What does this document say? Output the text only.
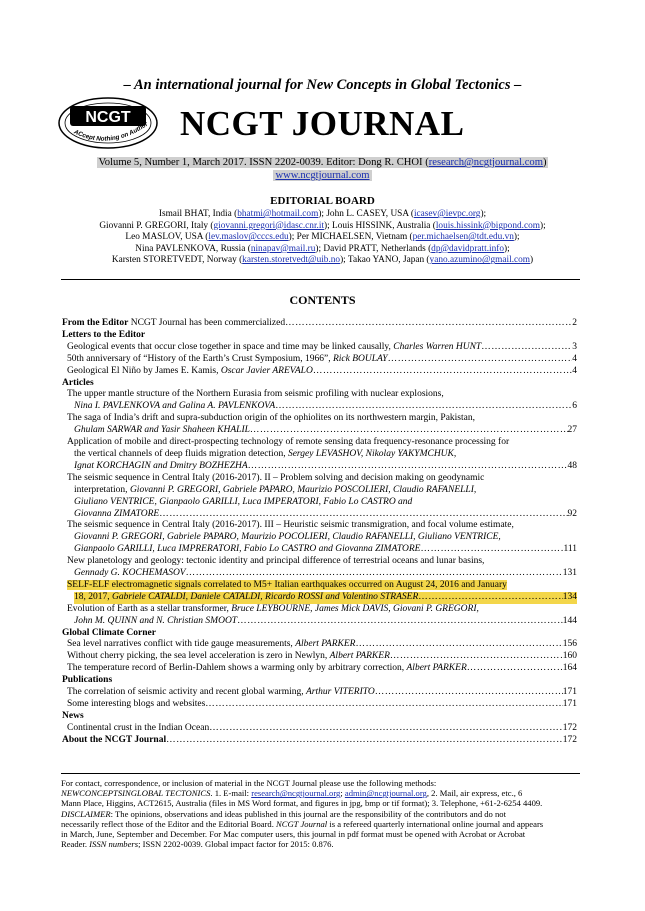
– An international journal for New Concepts in Global Tectonics –
NCGT
ACcept Nothing on Author NCGT JOURNAL
Volume 5, Number 1, March 2017. ISSN 2202-0039. Editor: Dong R. CHOI (research@ncgtjournal.com)
www.ncgtjournal.com
EDITORIAL BOARD
Ismail BHAT, India (bhatmi@hotmail.com); John L. CASEY, USA (icasev@ievpc.org);
Giovanni P. GREGORI, Italy (giovanni.gregori@idasc.cnr.it); Louis HISSINK, Australia (louis.hissink@bigpond.com);
Leo MASLOV, USA (lev.maslov@cccs.edu); Per MICHAELSEN, Vietnam (per.michaelsen@tdt.edu.vn);
Nina PAVLENKOVA, Russia (ninapav@mail.ru); David PRATT, Netherlands (dp@davidpratt.info);
Karsten STORETVEDT, Norway (karsten.storetvedt@uib.no); Takao YANO, Japan (yano.azumino@gmail.com)
CONTENTS
From the Editor NCGT Journal has been commercialized ……………………………………………………………………………………………………………………………………………………………………………	2
Letters to the Editor
Geological events that occur close together in space and time may be linked causally, Charles Warren HUNT ……………………………………………………………………………………………………………………………………………………………………………	3
50th anniversary of “History of the Earth’s Crust Symposium, 1966”, Rick BOULAY ……………………………………………………………………………………………………………………………………………………………………………	4
Geological El Niño by James E. Kamis, Oscar Javier AREVALO ……………………………………………………………………………………………………………………………………………………………………………	4
Articles
The upper mantle structure of the Northern Eurasia from seismic profiling with nuclear explosions,
Nina I. PAVLENKOVA and Galina A. PAVLENKOVA ……………………………………………………………………………………………………………………………………………………………………………	6
The saga of India’s drift and supra-subduction origin of the ophiolites on its northwestern margin, Pakistan,
Ghulam SARWAR and Yasir Shaheen KHALIL ……………………………………………………………………………………………………………………………………………………………………………	27
Application of mobile and direct-prospecting technology of remote sensing data frequency-resonance processing for
the vertical channels of deep fluids migration detection, Sergey LEVASHOV, Nikolay YAKYMCHUK,
Ignat KORCHAGIN and Dmitry BOZHEZHA ……………………………………………………………………………………………………………………………………………………………………………	48
The seismic sequence in Central Italy (2016-2017). II – Problem solving and decision making on geodynamic
interpretation, Giovanni P. GREGORI, Gabriele PAPARO, Maurizio POSCOLIERI, Claudio RAFANELLI,
Giuliano VENTRICE, Gianpaolo GARILLI, Luca IMPERATORI, Fabio Lo CASTRO and
Giovanna ZIMATORE ……………………………………………………………………………………………………………………………………………………………………………	92
The seismic sequence in Central Italy (2016-2017). III – Heuristic seismic transmigration, and focal volume estimate,
Giovanni P. GREGORI, Gabriele PAPARO, Maurizio POCOLIERI, Claudio RAFANELLI, Giuliano VENTRICE,
Gianpaolo GARILLI, Luca IMPRERATORI, Fabio Lo CASTRO and Giovanna ZIMATORE ……………………………………………………………………………………………………………………………………………………………………………	111
New planetology and geology: tectonic identity and principal difference of terrestrial oceans and lunar basins,
Gennady G. KOCHEMASOV ……………………………………………………………………………………………………………………………………………………………………………	131
SELF-ELF electromagnetic signals correlated to M5+ Italian earthquakes occurred on August 24, 2016 and January
18, 2017, Gabriele CATALDI, Daniele CATALDI, Ricardo ROSSI and Valentino STRASER ……………………………………………………………………………………………………………………………………………………………………………	134
Evolution of Earth as a stellar transformer, Bruce LEYBOURNE, James Mick DAVIS, Giovani P. GREGORI,
John M. QUINN and N. Christian SMOOT ……………………………………………………………………………………………………………………………………………………………………………	144
Global Climate Corner
Sea level narratives conflict with tide gauge measurements, Albert PARKER ……………………………………………………………………………………………………………………………………………………………………………	156
Without cherry picking, the sea level acceleration is zero in Newlyn, Albert PARKER ……………………………………………………………………………………………………………………………………………………………………………	160
The temperature record of Berlin-Dahlem shows a warming only by arbitrary correction, Albert PARKER ……………………………………………………………………………………………………………………………………………………………………………	164
Publications
The correlation of seismic activity and recent global warming, Arthur VITERITO ……………………………………………………………………………………………………………………………………………………………………………	171
Some interesting blogs and websites ……………………………………………………………………………………………………………………………………………………………………………	171
News
Continental crust in the Indian Ocean ……………………………………………………………………………………………………………………………………………………………………………	172
About the NCGT Journal ……………………………………………………………………………………………………………………………………………………………………………	172
For contact, correspondence, or inclusion of material in the NCGT Journal please use the following methods:
NEWCONCEPTSINGLOBAL TECTONICS. 1. E-mail: research@ncgtjournal.org; admin@ncgtjournal.org, 2. Mail, air express, etc., 6
Mann Place, Higgins, ACT2615, Australia (files in MS Word format, and figures in jpg, bmp or tif format); 3. Telephone, +61-2-6254 4409.
DISCLAIMER: The opinions, observations and ideas published in this journal are the responsibility of the contributors and do not
necessarily reflect those of the Editor and the Editorial Board. NCGT Journal is a refereed quarterly international online journal and appears
in March, June, September and December. For Mac computer users, this journal in pdf format must be opened with Acrobat or Acrobat
Reader. ISSN numbers; ISSN 2202-0039. Global impact factor for 2015: 0.876.
